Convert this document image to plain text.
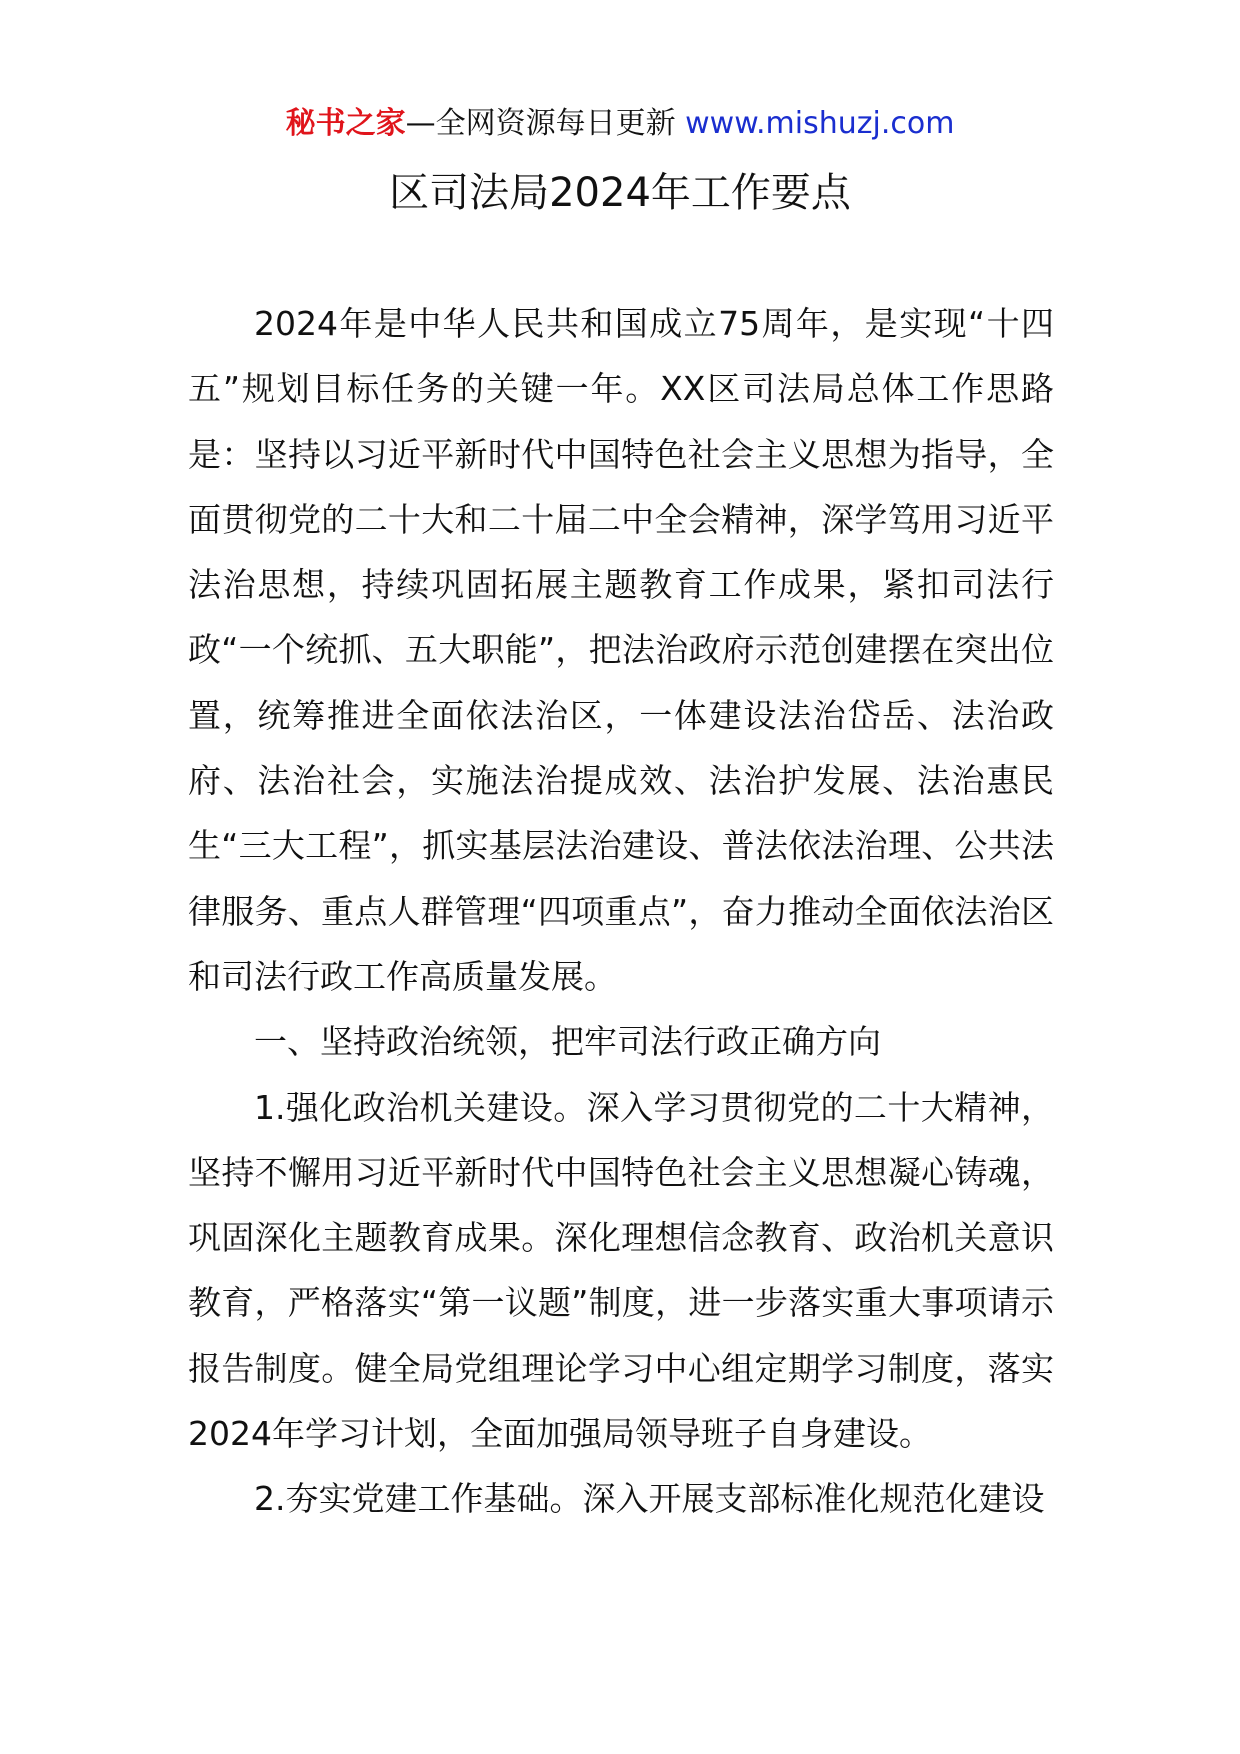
秘书之家—全网资源每日更新 www.mishuzj.com
区司法局2024年工作要点

2024年是中华人民共和国成立75周年，是实现“十四五”规划目标任务的关键一年。XX区司法局总体工作思路是：坚持以习近平新时代中国特色社会主义思想为指导，全面贯彻党的二十大和二十届二中全会精神，深学笃用习近平法治思想，持续巩固拓展主题教育工作成果，紧扣司法行政“一个统抓、五大职能”，把法治政府示范创建摆在突出位置，统筹推进全面依法治区，一体建设法治岱岳、法治政府、法治社会，实施法治提成效、法治护发展、法治惠民生“三大工程”，抓实基层法治建设、普法依法治理、公共法律服务、重点人群管理“四项重点”，奋力推动全面依法治区和司法行政工作高质量发展。

一、坚持政治统领，把牢司法行政正确方向

1.强化政治机关建设。深入学习贯彻党的二十大精神，坚持不懈用习近平新时代中国特色社会主义思想凝心铸魂，巩固深化主题教育成果。深化理想信念教育、政治机关意识教育，严格落实“第一议题”制度，进一步落实重大事项请示报告制度。健全局党组理论学习中心组定期学习制度，落实2024年学习计划，全面加强局领导班子自身建设。

2.夯实党建工作基础。深入开展支部标准化规范化建设
